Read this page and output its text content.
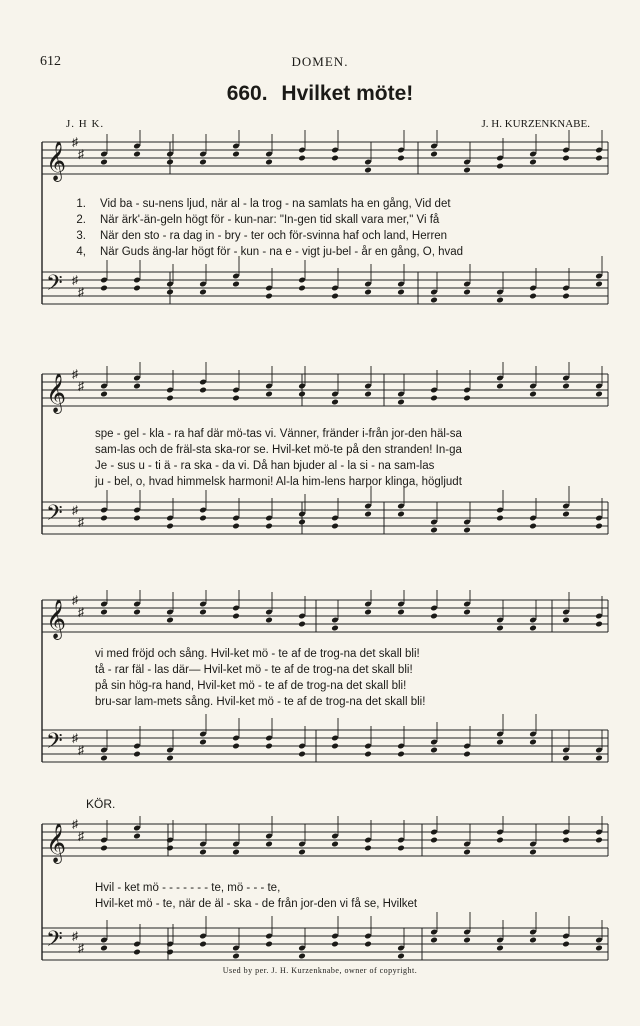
612	DOMEN.
660. Hvilket möte!
J. H K.	J. H. KURZENKNABE.
𝄞 ♯
♯
𝄢 ♯
♯
1. Vid ba - su-nens ljud, när al - la trog - na samlats ha en gång, Vid det
2. När ärk'-än-geln högt för - kun-nar: "In-gen tid skall vara mer," Vi få
3. När den sto - ra dag in - bry - ter och för-svinna haf och land, Herren
4, När Guds äng-lar högt för - kun - na e - vigt ju-bel - år en gång, O, hvad
𝄞 ♯
♯
𝄢 ♯
♯
spe - gel - kla - ra haf där mö-tas vi. Vänner, fränder i-från jor-den häl-sa
sam-las och de fräl-sta ska-ror se. Hvil-ket mö-te på den stranden! In-ga
Je - sus u - ti ä - ra ska - da vi. Då han bjuder al - la si - na sam-las
ju - bel, o, hvad himmelsk harmoni! Al-la him-lens harpor klinga, högljudt
𝄞 ♯
♯
𝄢 ♯
♯
vi med fröjd och sång. Hvil-ket mö - te af de trog-na det skall bli!
tå - rar fäl - las där— Hvil-ket mö - te af de trog-na det skall bli!
på sin hög-ra hand, Hvil-ket mö - te af de trog-na det skall bli!
bru-sar lam-mets sång. Hvil-ket mö - te af de trog-na det skall bli!
KÖR.
𝄞 ♯
♯
𝄢 ♯
♯
Hvil - ket mö - - - - - - - te, mö - - - te,
Hvil-ket mö - te, när de äl - ska - de från jor-den vi få se, Hvilket
Used by per. J. H. Kurzenknabe, owner of copyright.
